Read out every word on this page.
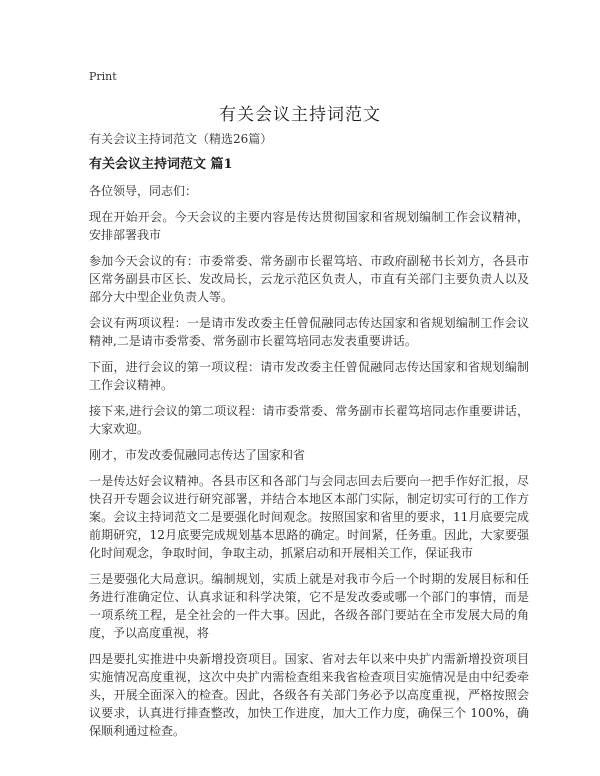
Print
有关会议主持词范文

有关会议主持词范文（精选26篇）

有关会议主持词范文 篇1

各位领导，同志们：

现在开始开会。今天会议的主要内容是传达贯彻国家和省规划编制工作会议精神，安排部署我市

参加今天会议的有：市委常委、常务副市长翟笃培、市政府副秘书长刘方，各县市区常务副县市区长、发改局长，云龙示范区负责人，市直有关部门主要负责人以及部分大中型企业负责人等。

会议有两项议程：一是请市发改委主任曾侃融同志传达国家和省规划编制工作会议精神,二是请市委常委、常务副市长翟笃培同志发表重要讲话。

下面，进行会议的第一项议程：请市发改委主任曾侃融同志传达国家和省规划编制工作会议精神。

接下来,进行会议的第二项议程：请市委常委、常务副市长翟笃培同志作重要讲话，大家欢迎。

刚才，市发改委侃融同志传达了国家和省

一是传达好会议精神。各县市区和各部门与会同志回去后要向一把手作好汇报，尽快召开专题会议进行研究部署，并结合本地区本部门实际，制定切实可行的工作方案。会议主持词范文二是要强化时间观念。按照国家和省里的要求，11月底要完成前期研究，12月底要完成规划基本思路的确定。时间紧，任务重。因此，大家要强化时间观念，争取时间，争取主动，抓紧启动和开展相关工作，保证我市

三是要强化大局意识。编制规划，实质上就是对我市今后一个时期的发展目标和任务进行准确定位、认真求证和科学决策，它不是发改委或哪一个部门的事情，而是一项系统工程，是全社会的一件大事。因此，各级各部门要站在全市发展大局的角度，予以高度重视，将

四是要扎实推进中央新增投资项目。国家、省对去年以来中央扩内需新增投资项目实施情况高度重视，这次中央扩内需检查组来我省检查项目实施情况是由中纪委牵头，开展全面深入的检查。因此，各级各有关部门务必予以高度重视，严格按照会议要求，认真进行排查整改，加快工作进度，加大工作力度，确保三个 100%，确保顺利通过检查。
